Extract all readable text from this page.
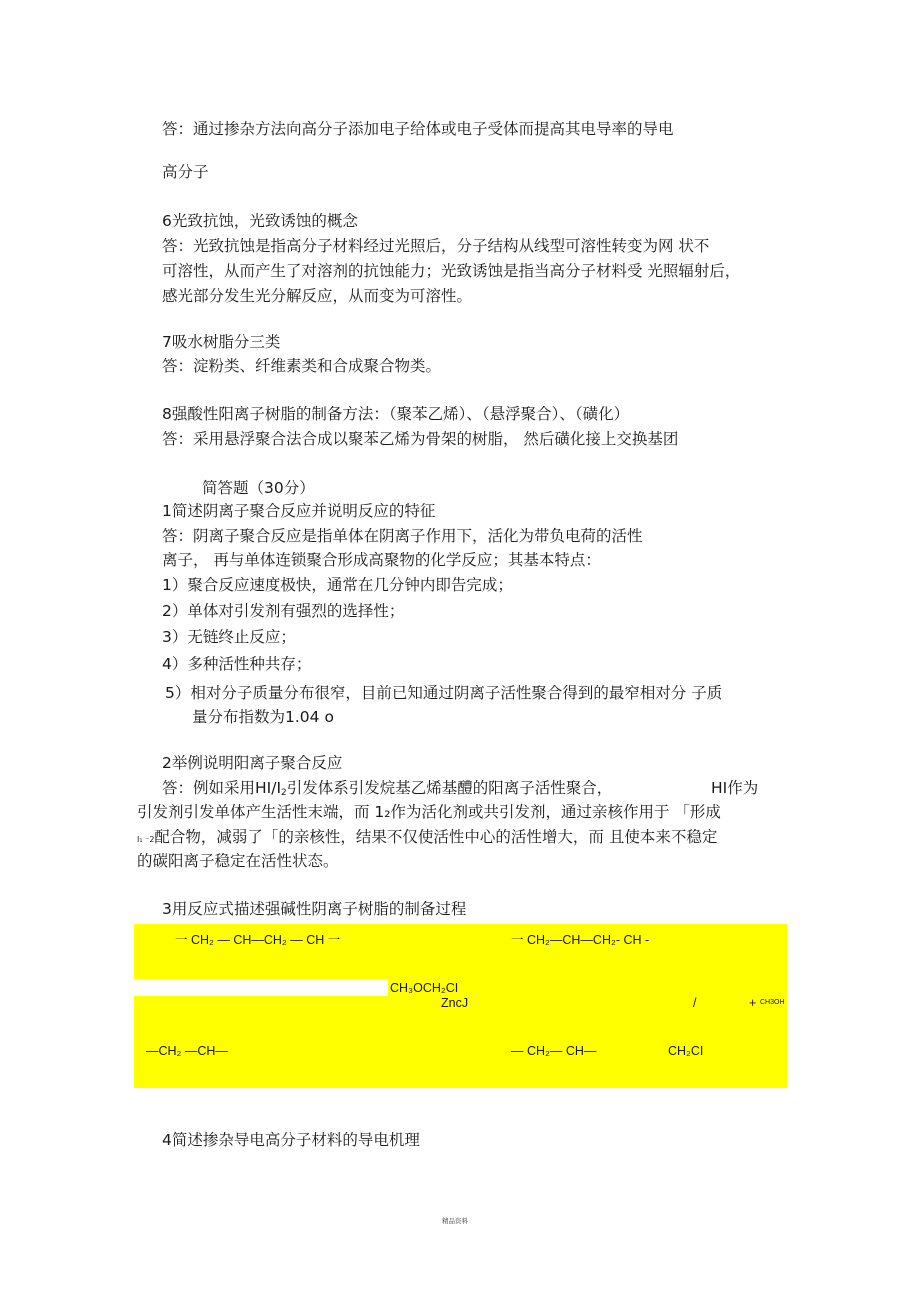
答：通过掺杂方法向高分子添加电子给体或电子受体而提高其电导率的导电
高分子
6光致抗蚀，光致诱蚀的概念
答：光致抗蚀是指高分子材料经过光照后，分子结构从线型可溶性转变为网 状不
可溶性，从而产生了对溶剂的抗蚀能力；光致诱蚀是指当高分子材料受 光照辐射后，
感光部分发生光分解反应，从而变为可溶性。
7吸水树脂分三类
答：淀粉类、纤维素类和合成聚合物类。
8强酸性阳离子树脂的制备方法：（聚苯乙烯）、（悬浮聚合）、（磺化）
答：采用悬浮聚合法合成以聚苯乙烯为骨架的树脂， 然后磺化接上交换基团
简答题（30分）
1简述阴离子聚合反应并说明反应的特征
答：阴离子聚合反应是指单体在阴离子作用下，活化为带负电荷的活性
离子， 再与单体连锁聚合形成高聚物的化学反应；其基本特点：
1）聚合反应速度极快，通常在几分钟内即告完成；
2）单体对引发剂有强烈的选择性；
3）无链终止反应；
4）多种活性种共存；
5）相对分子质量分布很窄，目前已知通过阴离子活性聚合得到的最窄相对分 子质
量分布指数为1.04 o
2举例说明阳离子聚合反应
答：例如采用HI/I2引发体系引发烷基乙烯基醴的阳离子活性聚合，	HI作为
引发剂引发单体产生活性末端，而 1₂作为活化剂或共引发剂，通过亲核作用于 「形成
I₁ ⁻2配合物，减弱了「的亲核性，结果不仅使活性中心的活性增大，而 且使本来不稳定
的碳阳离子稳定在活性状态。
3用反应式描述强碱性阴离子树脂的制备过程
一 CH₂ — CH—CH₂ — CH 一	一 CH₂—CH—CH₂- CH -
CH₃OCH₂CI
ZncJ	/	+ CH3OH
—CH₂ —CH—	— CH₂— CH—	CH₂CI
4简述掺杂导电高分子材料的导电机理
精品资料
